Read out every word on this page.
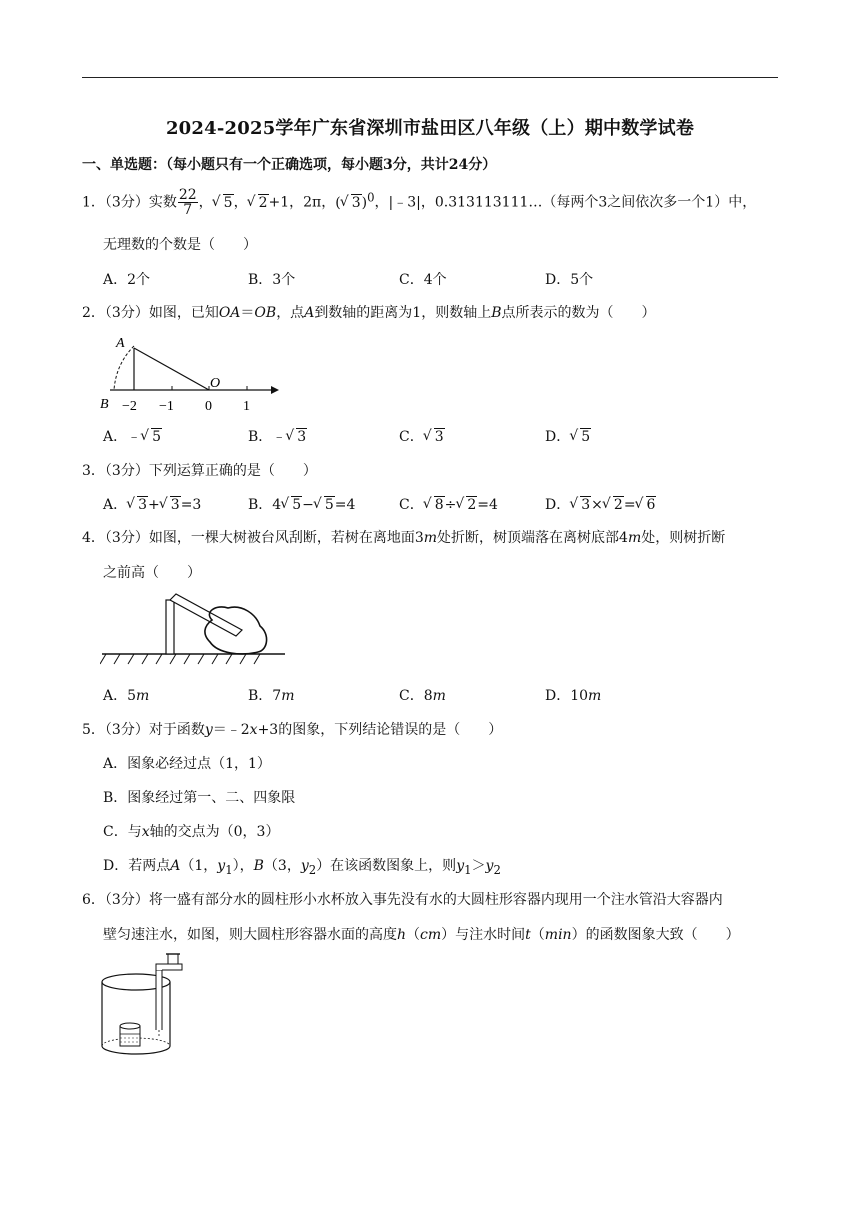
2024-2025学年广东省深圳市盐田区八年级（上）期中数学试卷
一、单选题：（每小题只有一个正确选项，每小题3分，共计24分）
1．（3分）实数 $\frac{22}{7}$ ， √ 5， √ 2+1，2π，( √ 3)$^0$，|﹣3|，0.313113111…（每两个3之间依次多一个1）中，
无理数的个数是（　　）
A．2个	B．3个	C．4个	D．5个
2．（3分）如图，已知OA＝OB，点A到数轴的距离为1，则数轴上B点所表示的数为（　　）
A
O
B −2 −1 0 1
A．﹣ √ 5	B．﹣ √ 3	C． √ 3	D． √ 5
3．（3分）下列运算正确的是（　　）
A． √ 3+ √ 3=3	B．4 √ 5− √ 5=4	C． √ 8÷ √ 2=4	D． √ 3× √ 2= √ 6
4．（3分）如图，一棵大树被台风刮断，若树在离地面3m处折断，树顶端落在离树底部4m处，则树折断
之前高（　　）
A．5m	B．7m	C．8m	D．10m
5．（3分）对于函数y＝﹣2x+3的图象，下列结论错误的是（　　）
A．图象必经过点（1，1）
B．图象经过第一、二、四象限
C．与x轴的交点为（0，3）
D．若两点A（1，$y_1$），B（3，$y_2$）在该函数图象上，则$y_1>y_2$
6．（3分）将一盛有部分水的圆柱形小水杯放入事先没有水的大圆柱形容器内现用一个注水管沿大容器内
壁匀速注水，如图，则大圆柱形容器水面的高度h（cm）与注水时间t（min）的函数图象大致（　　）
